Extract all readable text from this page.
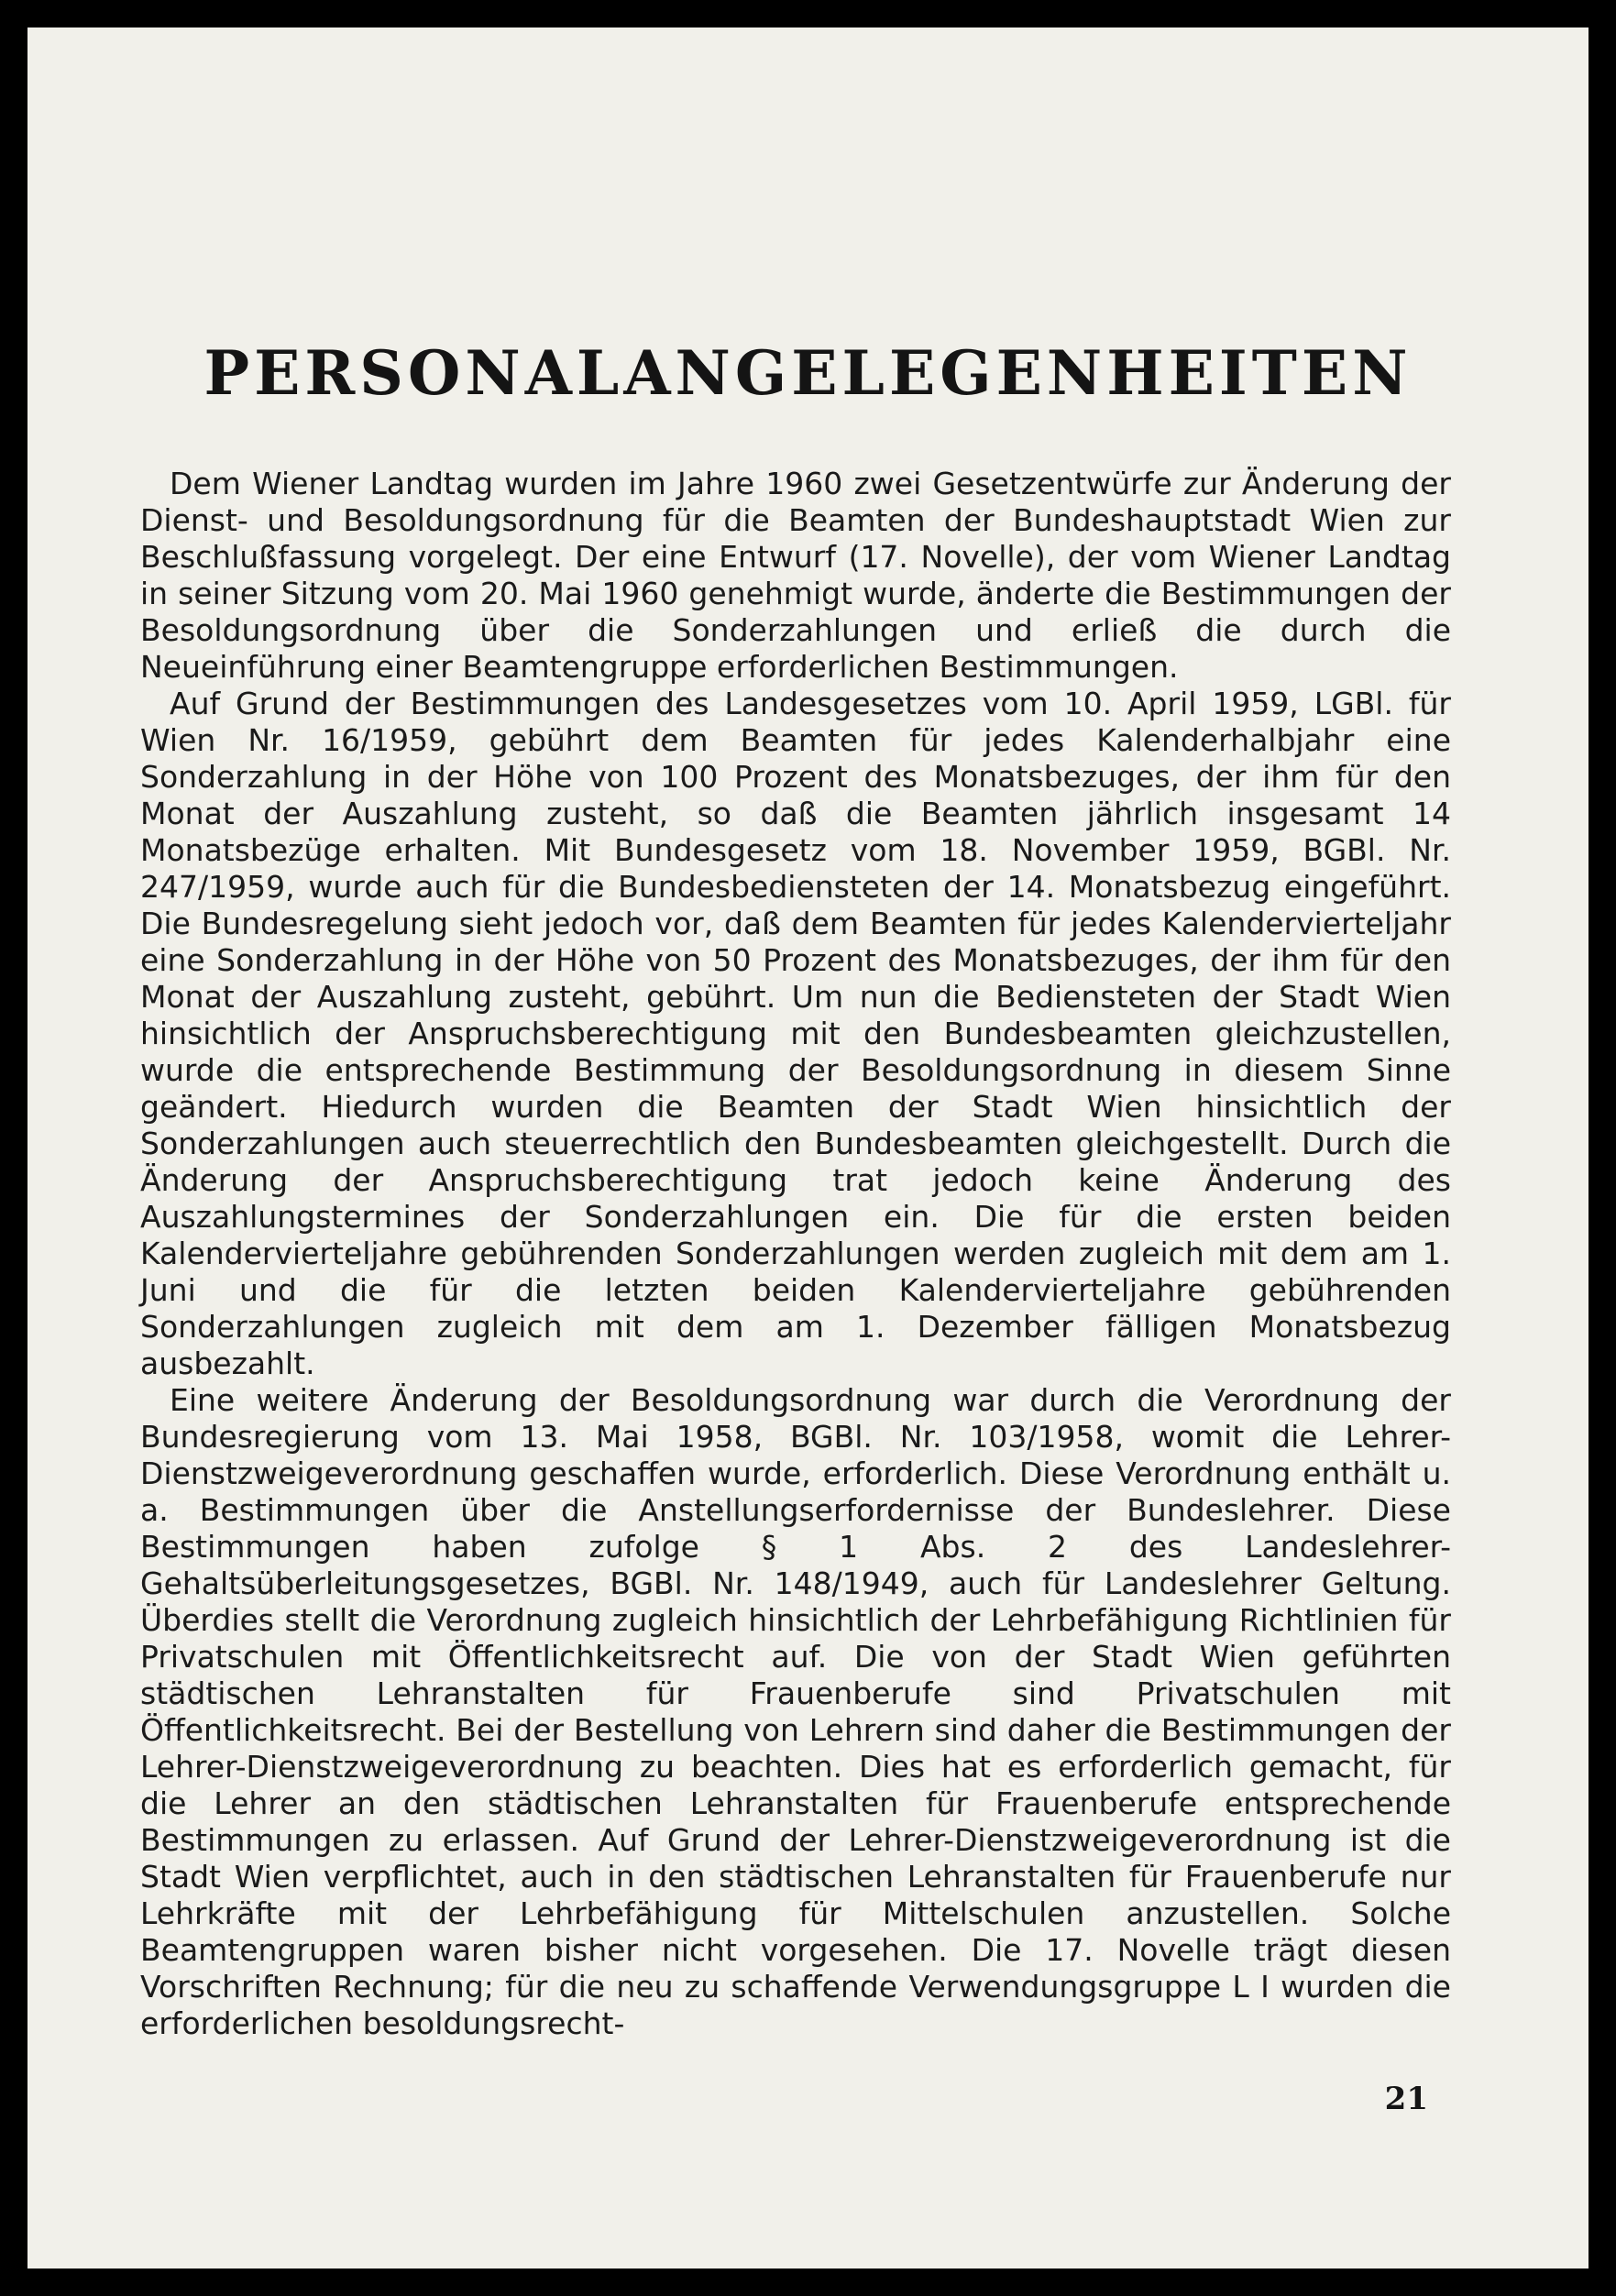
PERSONALANGELEGENHEITEN

Dem Wiener Landtag wurden im Jahre 1960 zwei Gesetzentwürfe zur Änderung der Dienst- und Besoldungsordnung für die Beamten der Bundeshauptstadt Wien zur Beschlußfassung vorgelegt. Der eine Entwurf (17. Novelle), der vom Wiener Landtag in seiner Sitzung vom 20. Mai 1960 genehmigt wurde, änderte die Bestimmungen der Besoldungsordnung über die Sonderzahlungen und erließ die durch die Neueinführung einer Beamtengruppe erforderlichen Bestimmungen.

Auf Grund der Bestimmungen des Landesgesetzes vom 10. April 1959, LGBl. für Wien Nr. 16/1959, gebührt dem Beamten für jedes Kalenderhalbjahr eine Sonderzahlung in der Höhe von 100 Prozent des Monatsbezuges, der ihm für den Monat der Auszahlung zusteht, so daß die Beamten jährlich insgesamt 14 Monatsbezüge erhalten. Mit Bundesgesetz vom 18. November 1959, BGBl. Nr. 247/1959, wurde auch für die Bundesbediensteten der 14. Monatsbezug eingeführt. Die Bundesregelung sieht jedoch vor, daß dem Beamten für jedes Kalendervierteljahr eine Sonderzahlung in der Höhe von 50 Prozent des Monatsbezuges, der ihm für den Monat der Auszahlung zusteht, gebührt. Um nun die Bediensteten der Stadt Wien hinsichtlich der Anspruchsberechtigung mit den Bundesbeamten gleichzustellen, wurde die entsprechende Bestimmung der Besoldungsordnung in diesem Sinne geändert. Hiedurch wurden die Beamten der Stadt Wien hinsichtlich der Sonderzahlungen auch steuerrechtlich den Bundesbeamten gleichgestellt. Durch die Änderung der Anspruchsberechtigung trat jedoch keine Änderung des Auszahlungstermines der Sonderzahlungen ein. Die für die ersten beiden Kalendervierteljahre gebührenden Sonderzahlungen werden zugleich mit dem am 1. Juni und die für die letzten beiden Kalendervierteljahre gebührenden Sonderzahlungen zugleich mit dem am 1. Dezember fälligen Monatsbezug ausbezahlt.

Eine weitere Änderung der Besoldungsordnung war durch die Verordnung der Bundesregierung vom 13. Mai 1958, BGBl. Nr. 103/1958, womit die Lehrer-Dienstzweigeverordnung geschaffen wurde, erforderlich. Diese Verordnung enthält u. a. Bestimmungen über die Anstellungserfordernisse der Bundeslehrer. Diese Bestimmungen haben zufolge § 1 Abs. 2 des Landeslehrer-Gehaltsüberleitungsgesetzes, BGBl. Nr. 148/1949, auch für Landeslehrer Geltung. Überdies stellt die Verordnung zugleich hinsichtlich der Lehrbefähigung Richtlinien für Privatschulen mit Öffentlichkeitsrecht auf. Die von der Stadt Wien geführten städtischen Lehranstalten für Frauenberufe sind Privatschulen mit Öffentlichkeitsrecht. Bei der Bestellung von Lehrern sind daher die Bestimmungen der Lehrer-Dienstzweigeverordnung zu beachten. Dies hat es erforderlich gemacht, für die Lehrer an den städtischen Lehranstalten für Frauenberufe entsprechende Bestimmungen zu erlassen. Auf Grund der Lehrer-Dienstzweigeverordnung ist die Stadt Wien verpflichtet, auch in den städtischen Lehranstalten für Frauenberufe nur Lehrkräfte mit der Lehrbefähigung für Mittelschulen anzustellen. Solche Beamtengruppen waren bisher nicht vorgesehen. Die 17. Novelle trägt diesen Vorschriften Rechnung; für die neu zu schaffende Verwendungsgruppe L I wurden die erforderlichen besoldungsrecht-

21
